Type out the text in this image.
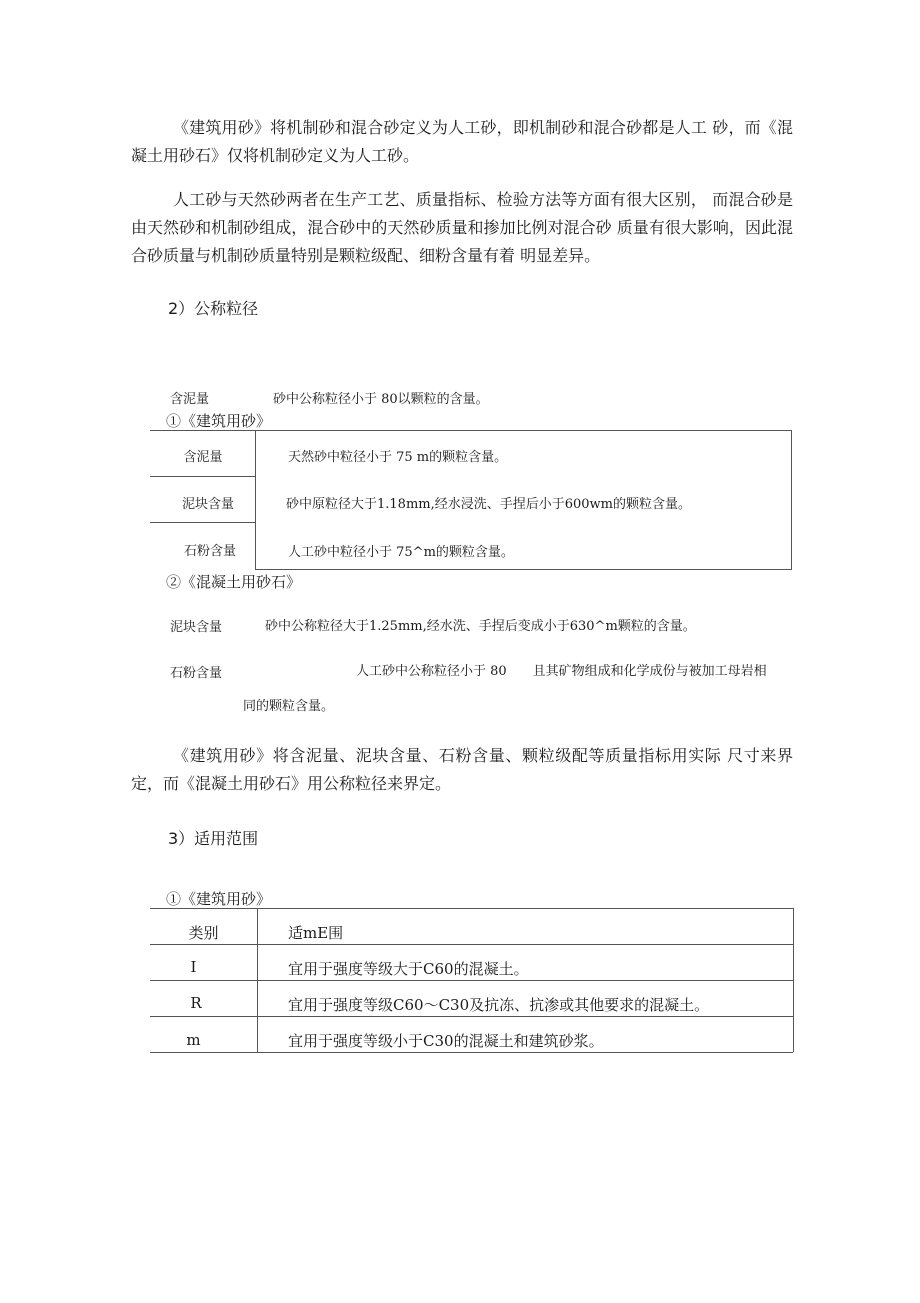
《建筑用砂》将机制砂和混合砂定义为人工砂，即机制砂和混合砂都是人工 砂，而《混凝土用砂石》仅将机制砂定义为人工砂。
人工砂与天然砂两者在生产工艺、质量指标、检验方法等方面有很大区别， 而混合砂是由天然砂和机制砂组成，混合砂中的天然砂质量和掺加比例对混合砂 质量有很大影响，因此混合砂质量与机制砂质量特别是颗粒级配、细粉含量有着 明显差异。
2）公称粒径
含泥量	砂中公称粒径小于 80以颗粒的含量。
①《建筑用砂》
含泥量	天然砂中粒径小于 75 m的颗粒含量。
泥块含量	砂中原粒径大于1.18mm,经水浸洗、手捏后小于600wm的颗粒含量。
石粉含量	人工砂中粒径小于 75^m的颗粒含量。
②《混凝土用砂石》
泥块含量	砂中公称粒径大于1.25mm,经水洗、手捏后变成小于630^m颗粒的含量。
石粉含量	人工砂中公称粒径小于 80　　且其矿物组成和化学成份与被加工母岩相
同的颗粒含量。
《建筑用砂》将含泥量、泥块含量、石粉含量、颗粒级配等质量指标用实际 尺寸来界定，而《混凝土用砂石》用公称粒径来界定。
3）适用范围
①《建筑用砂》
类别	适mE围
I	宜用于强度等级大于C60的混凝土。
R	宜用于强度等级C60～C30及抗冻、抗渗或其他要求的混凝土。
m	宜用于强度等级小于C30的混凝土和建筑砂浆。
